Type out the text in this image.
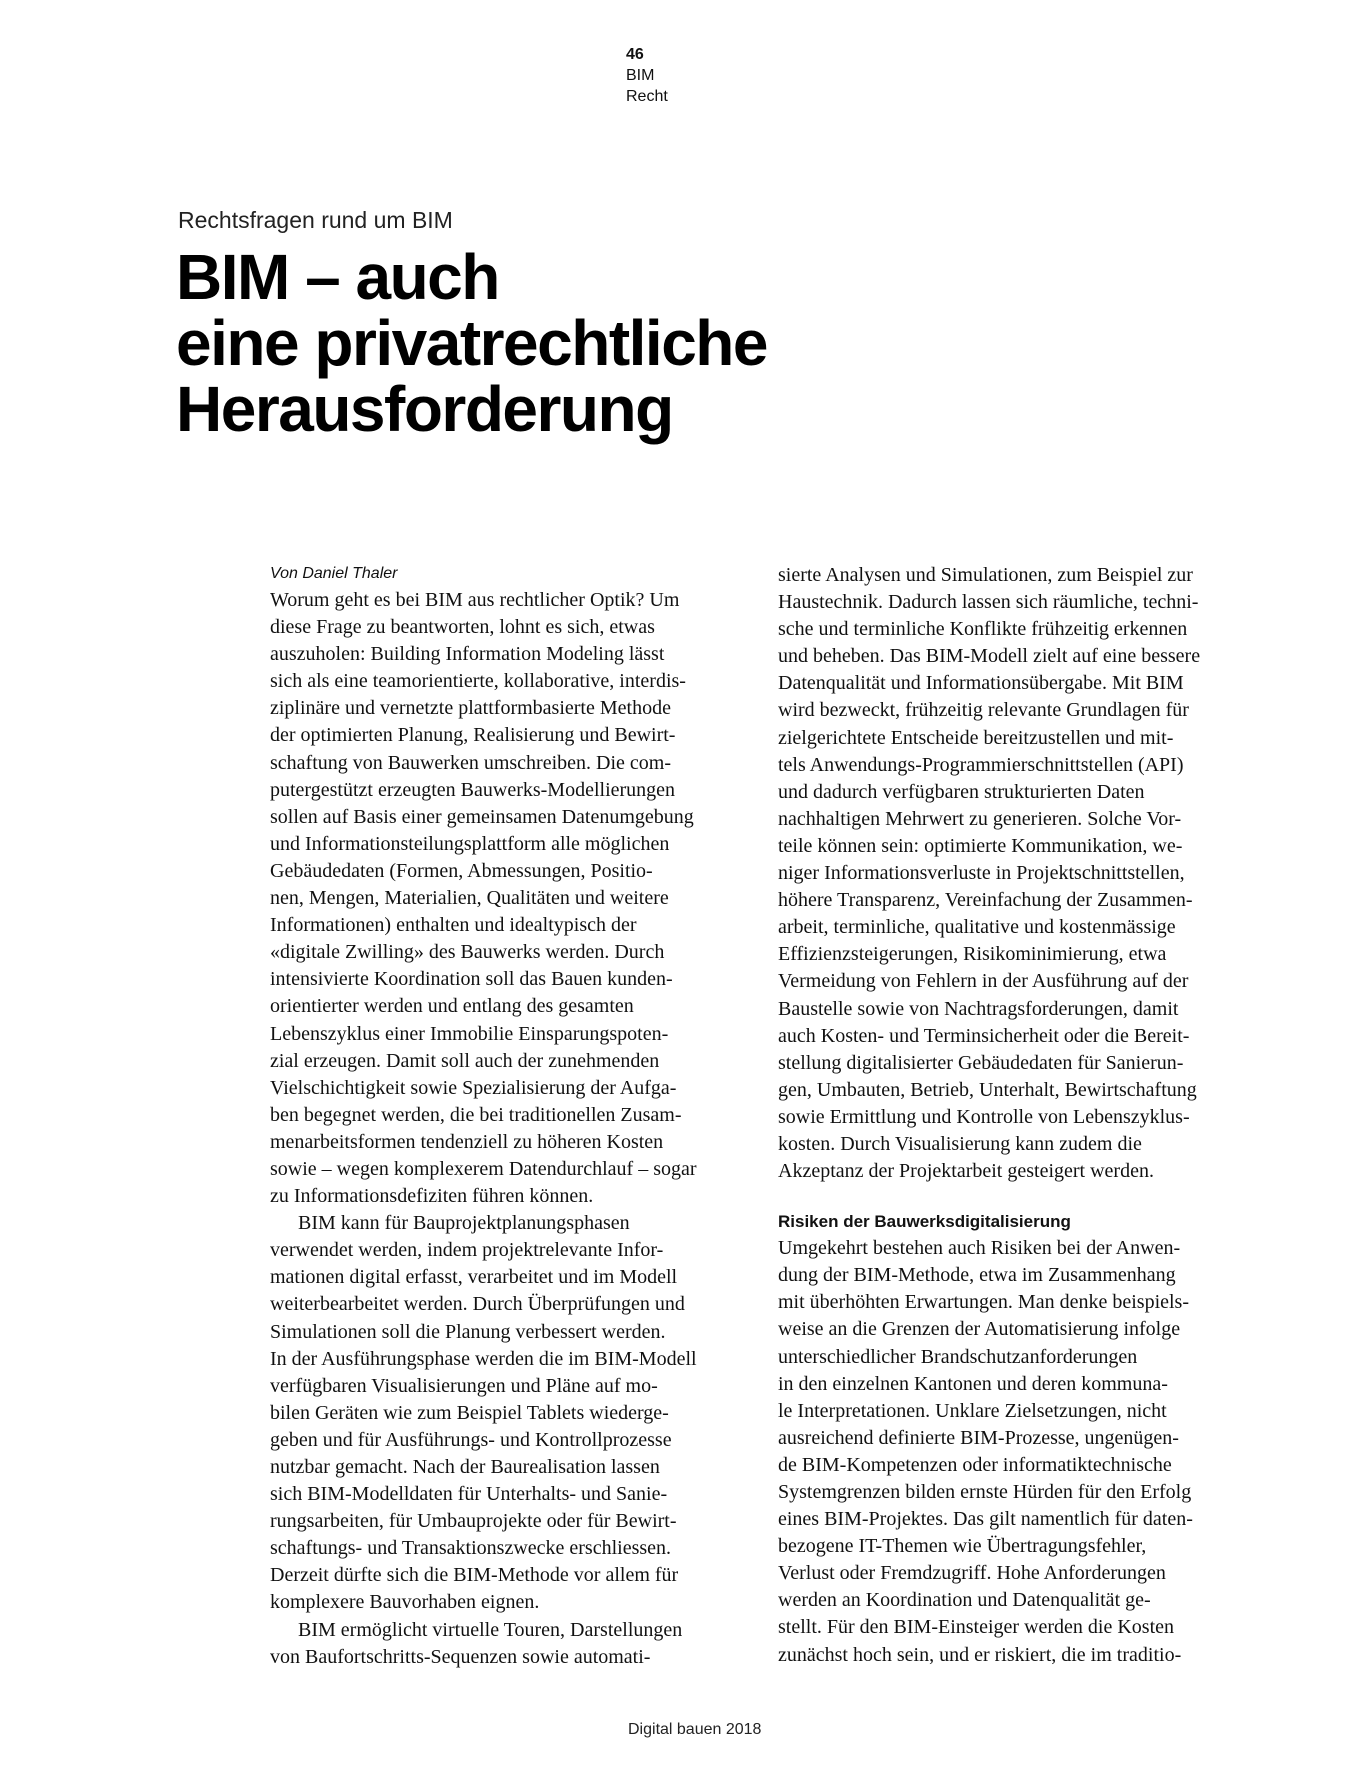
46
BIM
Recht
Rechtsfragen rund um BIM
BIM – auch
eine privatrechtliche
Herausforderung
Von Daniel Thaler
Worum geht es bei BIM aus rechtlicher Optik? Um
diese Frage zu beantworten, lohnt es sich, etwas
auszuholen: Building Information Modeling lässt
sich als eine teamorientierte, kollaborative, interdis-
ziplinäre und vernetzte plattformbasierte Methode
der optimierten Planung, Realisierung und Bewirt-
schaftung von Bauwerken umschreiben. Die com-
putergestützt erzeugten Bauwerks-Modellierungen
sollen auf Basis einer gemeinsamen Datenumgebung
und Informationsteilungsplattform alle möglichen
Gebäudedaten (Formen, Abmessungen, Positio-
nen, Mengen, Materialien, Qualitäten und weitere
Informationen) enthalten und idealtypisch der
«digitale Zwilling» des Bauwerks werden. Durch
intensivierte Koordination soll das Bauen kunden-
orientierter werden und entlang des gesamten
Lebenszyklus einer Immobilie Einsparungspoten-
zial erzeugen. Damit soll auch der zunehmenden
Vielschichtigkeit sowie Spezialisierung der Aufga-
ben begegnet werden, die bei traditionellen Zusam-
menarbeitsformen tendenziell zu höheren Kosten
sowie – wegen komplexerem Datendurchlauf – sogar
zu Informationsdefiziten führen können.
BIM kann für Bauprojektplanungsphasen
verwendet werden, indem projektrelevante Infor-
mationen digital erfasst, verarbeitet und im Modell
weiterbearbeitet werden. Durch Überprüfungen und
Simulationen soll die Planung verbessert werden.
In der Ausführungsphase werden die im BIM-Modell
verfügbaren Visualisierungen und Pläne auf mo-
bilen Geräten wie zum Beispiel Tablets wiederge-
geben und für Ausführungs- und Kontrollprozesse
nutzbar gemacht. Nach der Baurealisation lassen
sich BIM-Modelldaten für Unterhalts- und Sanie-
rungsarbeiten, für Umbauprojekte oder für Bewirt-
schaftungs- und Transaktionszwecke erschliessen.
Derzeit dürfte sich die BIM-Methode vor allem für
komplexere Bauvorhaben eignen.
BIM ermöglicht virtuelle Touren, Darstellungen
von Baufortschritts-Sequenzen sowie automati-
sierte Analysen und Simulationen, zum Beispiel zur
Haustechnik. Dadurch lassen sich räumliche, techni-
sche und terminliche Konflikte frühzeitig erkennen
und beheben. Das BIM-Modell zielt auf eine bessere
Datenqualität und Informationsübergabe. Mit BIM
wird bezweckt, frühzeitig relevante Grundlagen für
zielgerichtete Entscheide bereitzustellen und mit-
tels Anwendungs-Programmierschnittstellen (API)
und dadurch verfügbaren strukturierten Daten
nachhaltigen Mehrwert zu generieren. Solche Vor-
teile können sein: optimierte Kommunikation, we-
niger Informationsverluste in Projektschnittstellen,
höhere Transparenz, Vereinfachung der Zusammen-
arbeit, terminliche, qualitative und kostenmässige
Effizienzsteigerungen, Risikominimierung, etwa
Vermeidung von Fehlern in der Ausführung auf der
Baustelle sowie von Nachtragsforderungen, damit
auch Kosten- und Terminsicherheit oder die Bereit-
stellung digitalisierter Gebäudedaten für Sanierun-
gen, Umbauten, Betrieb, Unterhalt, Bewirtschaftung
sowie Ermittlung und Kontrolle von Lebenszyklus-
kosten. Durch Visualisierung kann zudem die
Akzeptanz der Projektarbeit gesteigert werden.
Risiken der Bauwerksdigitalisierung
Umgekehrt bestehen auch Risiken bei der Anwen-
dung der BIM-Methode, etwa im Zusammenhang
mit überhöhten Erwartungen. Man denke beispiels-
weise an die Grenzen der Automatisierung infolge
unterschiedlicher Brandschutzanforderungen
in den einzelnen Kantonen und deren kommuna-
le Interpretationen. Unklare Zielsetzungen, nicht
ausreichend definierte BIM-Prozesse, ungenügen-
de BIM-Kompetenzen oder informatiktechnische
Systemgrenzen bilden ernste Hürden für den Erfolg
eines BIM-Projektes. Das gilt namentlich für daten-
bezogene IT-Themen wie Übertragungsfehler,
Verlust oder Fremdzugriff. Hohe Anforderungen
werden an Koordination und Datenqualität ge-
stellt. Für den BIM-Einsteiger werden die Kosten
zunächst hoch sein, und er riskiert, die im traditio-
Digital bauen 2018
